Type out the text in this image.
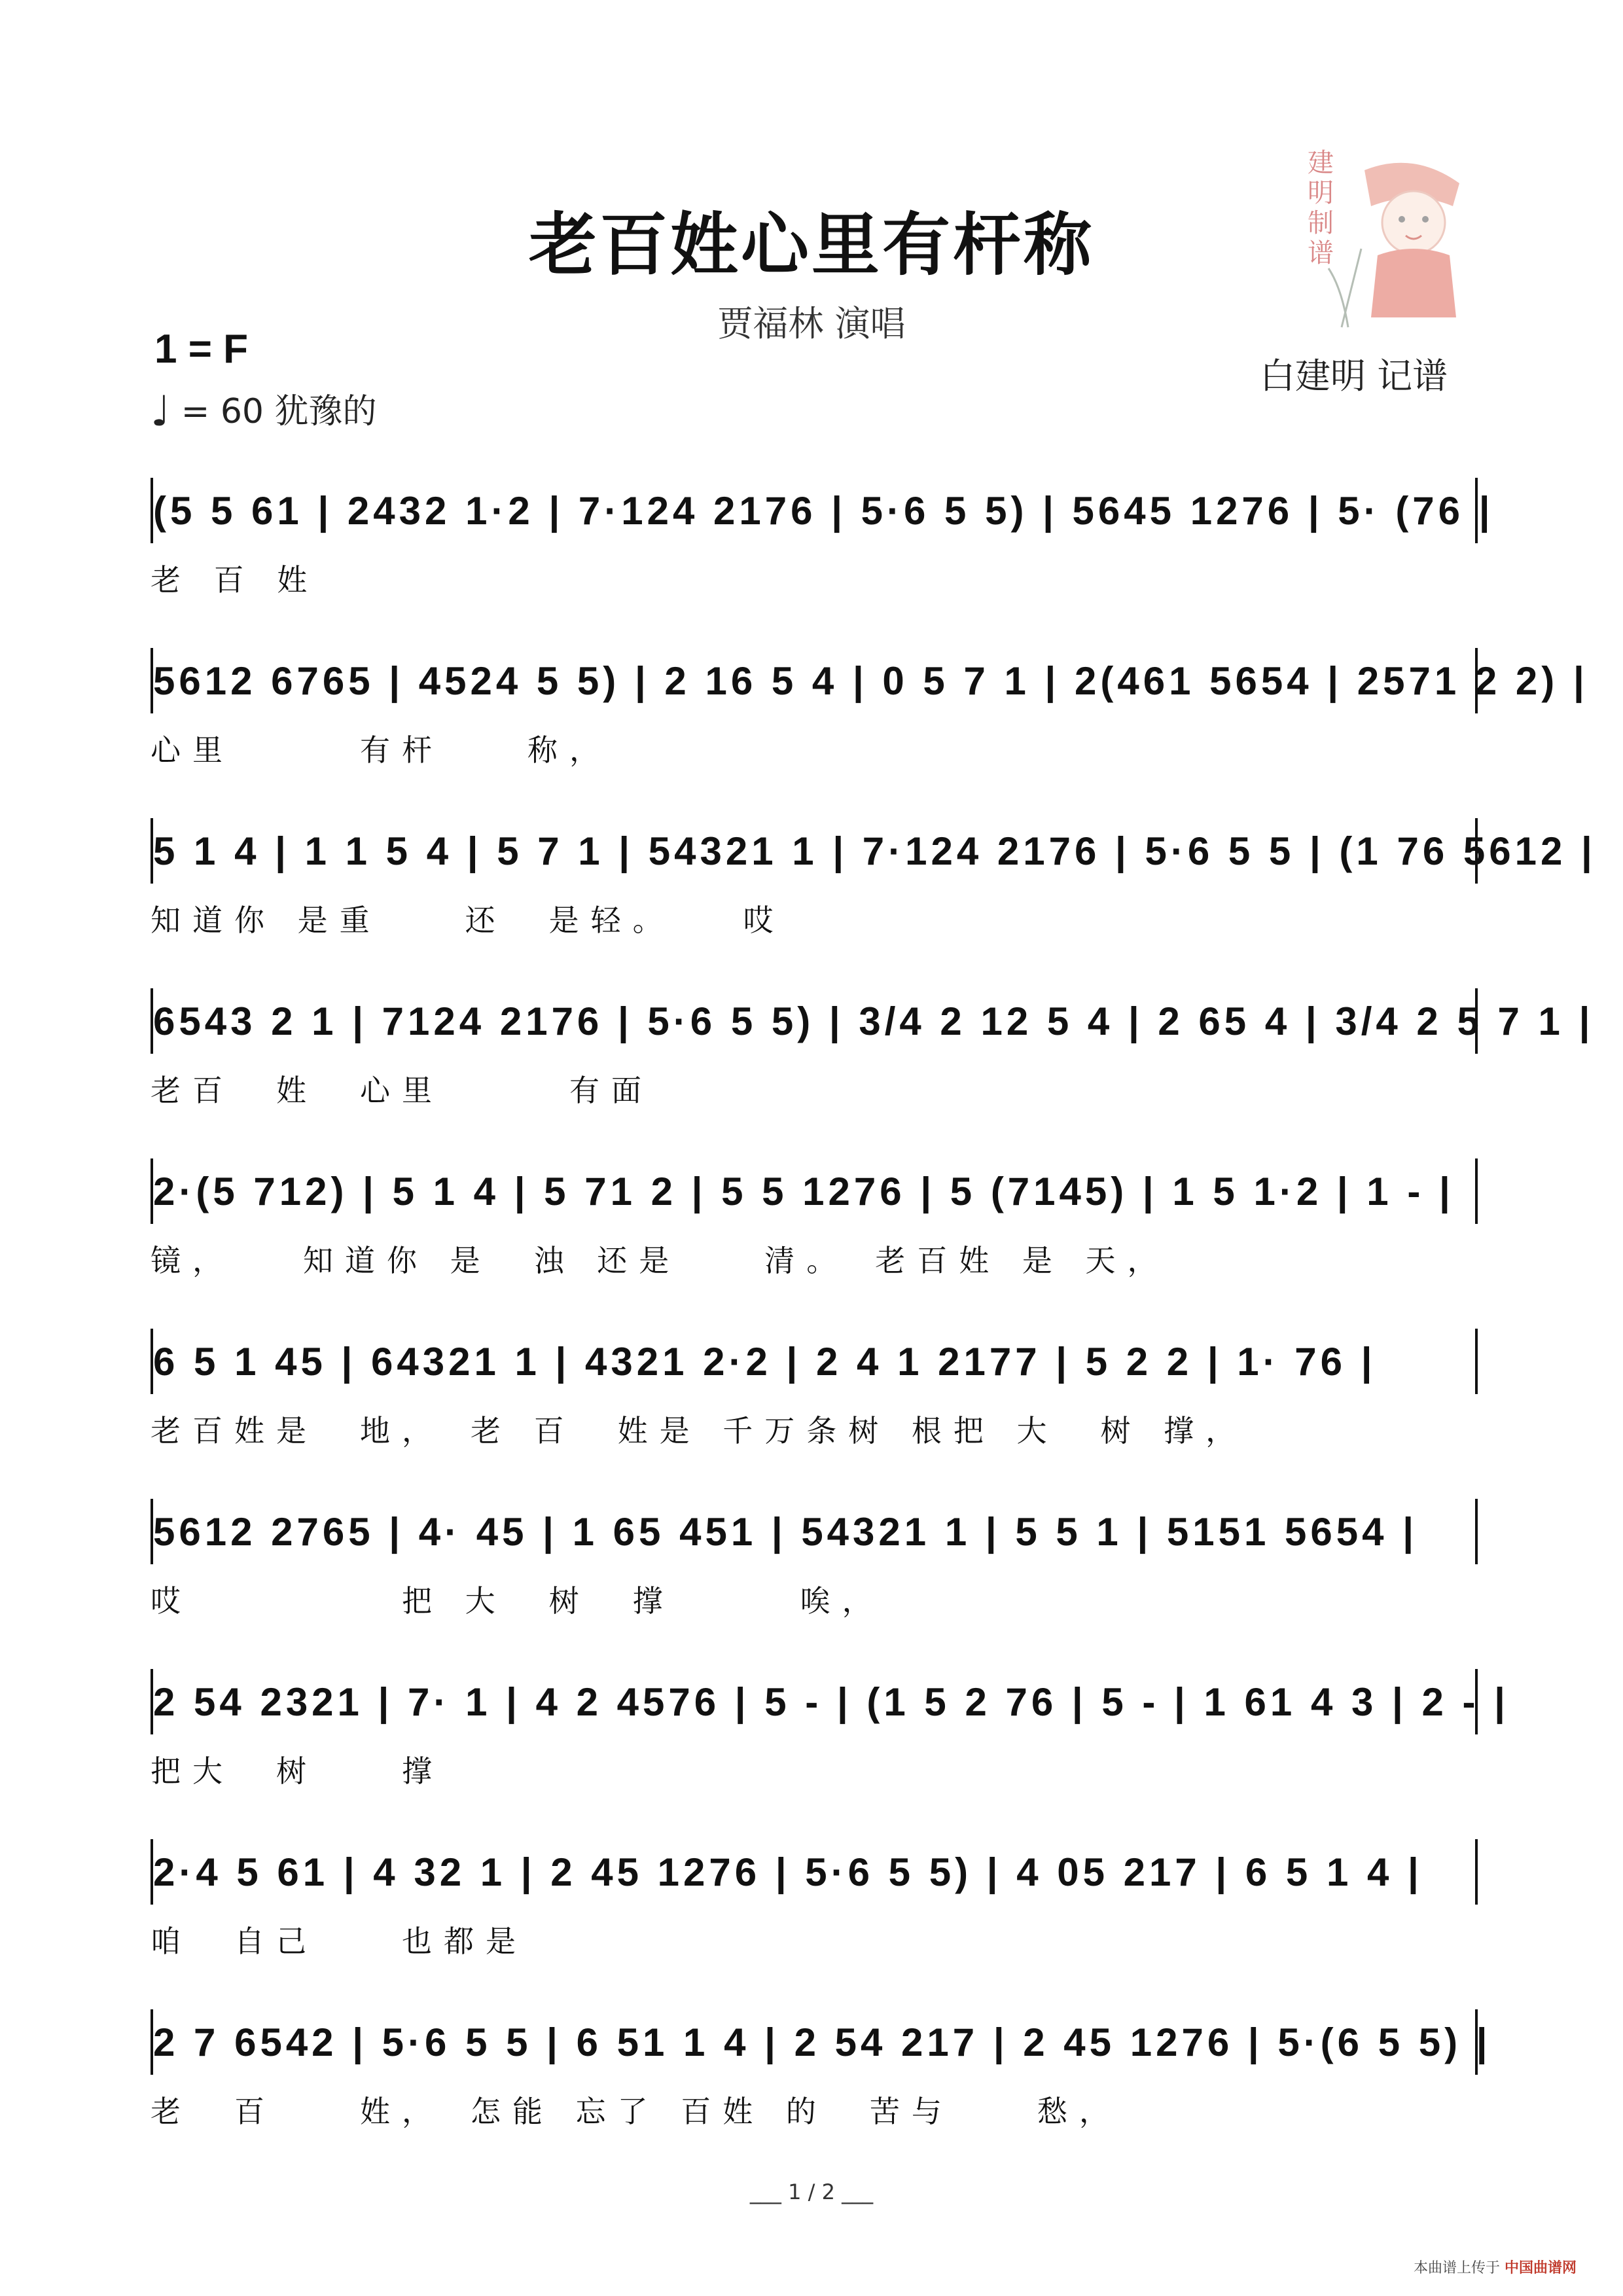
老百姓心里有杆称
贾福林 演唱
1 = F
♩ = 60 犹豫的
白建明 记谱
建明 制谱
(5 5 61 | 2432 1·2 | 7·124 2176 | 5·6 5 5) | 5645 1276 | 5· (76 |
老 百 姓
5612 6765 | 4524 5 5) | 2 16 5 4 | 0 5 7 1 | 2(461 5654 | 2571 2 2) |
心里　　　有杆　　称，
5 1 4 | 1 1 5 4 | 5 7 1 | 54321 1 | 7·124 2176 | 5·6 5 5 | (1 76 5612 |
知道你 是重　　还　是轻。　　哎
6543 2 1 | 7124 2176 | 5·6 5 5) | 3/4 2 12 5 4 | 2 65 4 | 3/4 2 5 7 1 |
老百　姓　心里　　　有面
2·(5 712) | 5 1 4 | 5 71 2 | 5 5 1276 | 5 (7145) | 1 5 1·2 | 1 - |
镜，　　知道你 是　浊 还是　　清。　老百姓 是 天，
6 5 1 45 | 64321 1 | 4321 2·2 | 2 4 1 2177 | 5 2 2 | 1· 76 |
老百姓是　地，　老 百　姓是 千万条树 根把 大　树 撑，
5612 2765 | 4· 45 | 1 65 451 | 54321 1 | 5 5 1 | 5151 5654 |
哎　　　　　把 大　树　撑　　　唉，
2 54 2321 | 7· 1 | 4 2 4576 | 5 - | (1 5 2 76 | 5 - | 1 61 4 3 | 2 - |
把大　树　　撑
2·4 5 61 | 4 32 1 | 2 45 1276 | 5·6 5 5) | 4 05 217 | 6 5 1 4 |
咱　自己　　也都是
2 7 6542 | 5·6 5 5 | 6 51 1 4 | 2 54 217 | 2 45 1276 | 5·(6 5 5) |
老　百　　姓，　怎能 忘了 百姓 的　苦与　　愁，
___ 1 / 2 ___
本曲谱上传于 中国曲谱网
